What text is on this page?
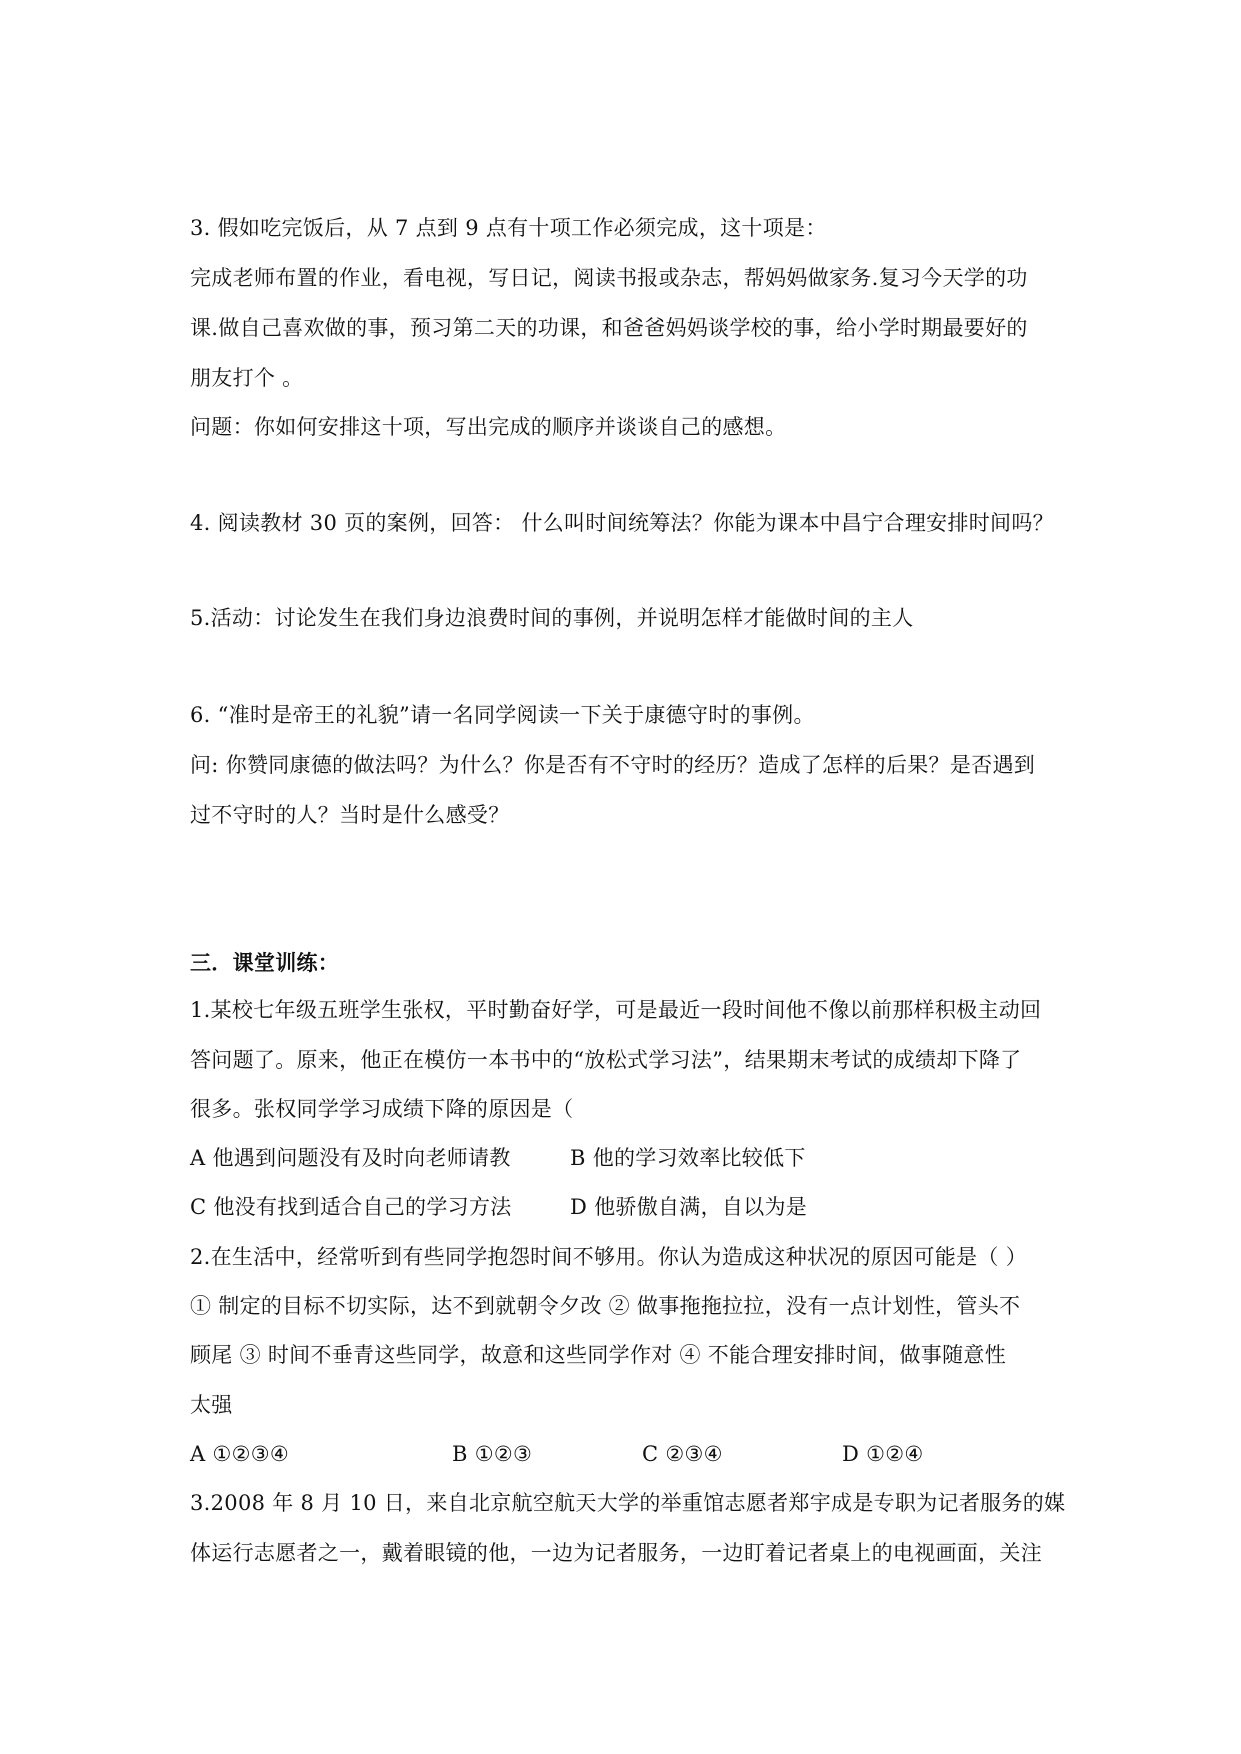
3. 假如吃完饭后，从 7 点到 9 点有十项工作必须完成，这十项是：
完成老师布置的作业，看电视，写日记，阅读书报或杂志，帮妈妈做家务.复习今天学的功
课.做自己喜欢做的事，预习第二天的功课，和爸爸妈妈谈学校的事，给小学时期最要好的
朋友打个 。
问题：你如何安排这十项，写出完成的顺序并谈谈自己的感想。
4. 阅读教材 30 页的案例，回答： 什么叫时间统筹法？你能为课本中昌宁合理安排时间吗？
5.活动：讨论发生在我们身边浪费时间的事例，并说明怎样才能做时间的主人
6. “准时是帝王的礼貌”请一名同学阅读一下关于康德守时的事例。
问: 你赞同康德的做法吗？为什么？你是否有不守时的经历？造成了怎样的后果？是否遇到
过不守时的人？当时是什么感受？
三．课堂训练：
1.某校七年级五班学生张权，平时勤奋好学，可是最近一段时间他不像以前那样积极主动回
答问题了。原来，他正在模仿一本书中的“放松式学习法”，结果期末考试的成绩却下降了
很多。张权同学学习成绩下降的原因是（
A 他遇到问题没有及时向老师请教	B 他的学习效率比较低下
C 他没有找到适合自己的学习方法	D 他骄傲自满，自以为是
2.在生活中，经常听到有些同学抱怨时间不够用。你认为造成这种状况的原因可能是（ ）
① 制定的目标不切实际，达不到就朝令夕改 ② 做事拖拖拉拉，没有一点计划性，管头不
顾尾 ③ 时间不垂青这些同学，故意和这些同学作对 ④ 不能合理安排时间，做事随意性
太强
A ①②③④	B ①②③	C ②③④	D ①②④
3.2008 年 8 月 10 日，来自北京航空航天大学的举重馆志愿者郑宇成是专职为记者服务的媒
体运行志愿者之一，戴着眼镜的他，一边为记者服务，一边盯着记者桌上的电视画面，关注
